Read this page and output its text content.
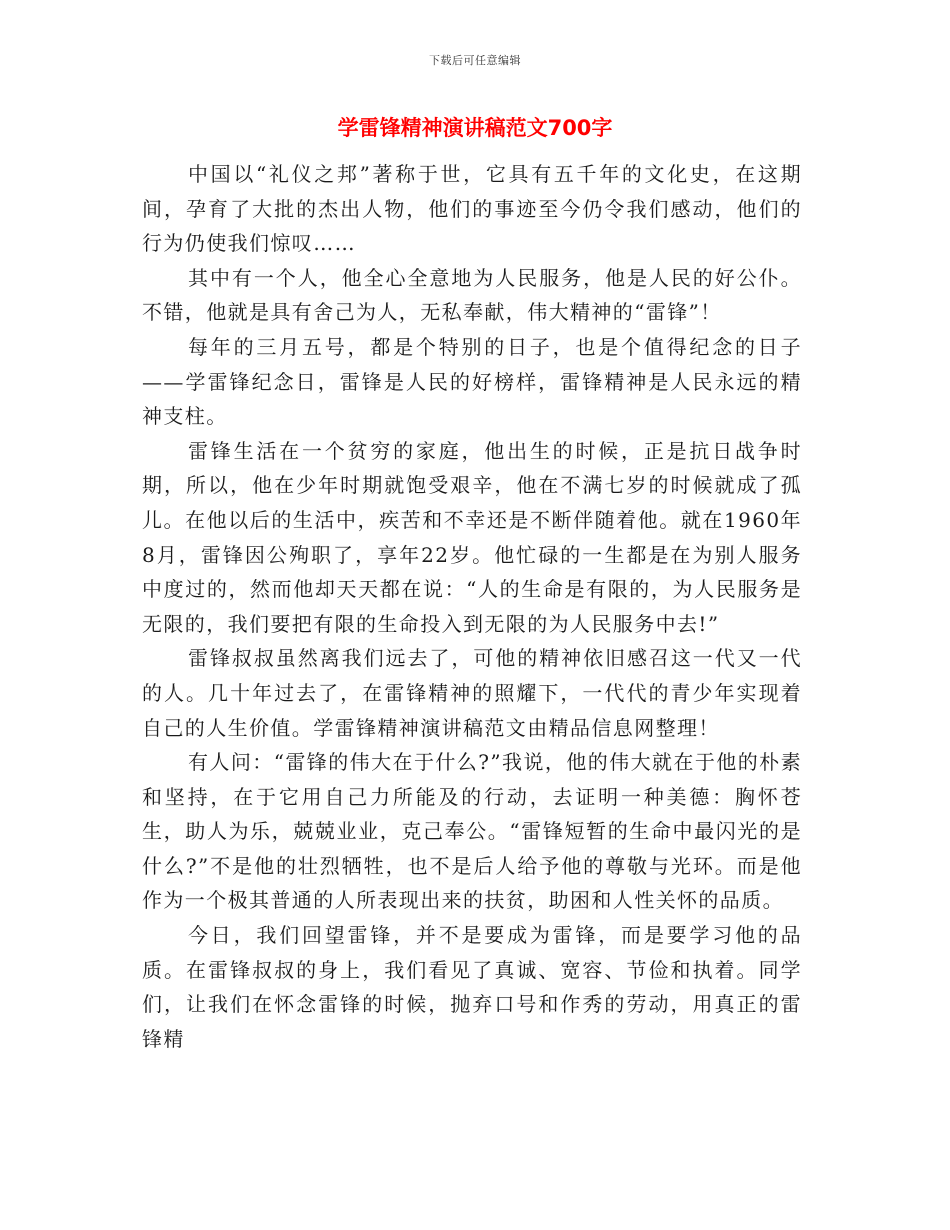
下载后可任意编辑
学雷锋精神演讲稿范文700字

中国以“礼仪之邦”著称于世，它具有五千年的文化史，在这期间，孕育了大批的杰出人物，他们的事迹至今仍令我们感动，他们的行为仍使我们惊叹……

其中有一个人，他全心全意地为人民服务，他是人民的好公仆。不错，他就是具有舍己为人，无私奉献，伟大精神的“雷锋”！

每年的三月五号，都是个特别的日子，也是个值得纪念的日子——学雷锋纪念日，雷锋是人民的好榜样，雷锋精神是人民永远的精神支柱。

雷锋生活在一个贫穷的家庭，他出生的时候，正是抗日战争时期，所以，他在少年时期就饱受艰辛，他在不满七岁的时候就成了孤儿。在他以后的生活中，疾苦和不幸还是不断伴随着他。就在1960年8月，雷锋因公殉职了，享年22岁。他忙碌的一生都是在为别人服务中度过的，然而他却天天都在说：“人的生命是有限的，为人民服务是无限的，我们要把有限的生命投入到无限的为人民服务中去!”

雷锋叔叔虽然离我们远去了，可他的精神依旧感召这一代又一代的人。几十年过去了，在雷锋精神的照耀下，一代代的青少年实现着自己的人生价值。学雷锋精神演讲稿范文由精品信息网整理！

有人问：“雷锋的伟大在于什么?”我说，他的伟大就在于他的朴素和坚持，在于它用自己力所能及的行动，去证明一种美德：胸怀苍生，助人为乐，兢兢业业，克己奉公。“雷锋短暂的生命中最闪光的是什么?”不是他的壮烈牺牲，也不是后人给予他的尊敬与光环。而是他作为一个极其普通的人所表现出来的扶贫，助困和人性关怀的品质。

今日，我们回望雷锋，并不是要成为雷锋，而是要学习他的品质。在雷锋叔叔的身上，我们看见了真诚、宽容、节俭和执着。同学们，让我们在怀念雷锋的时候，抛弃口号和作秀的劳动，用真正的雷锋精
